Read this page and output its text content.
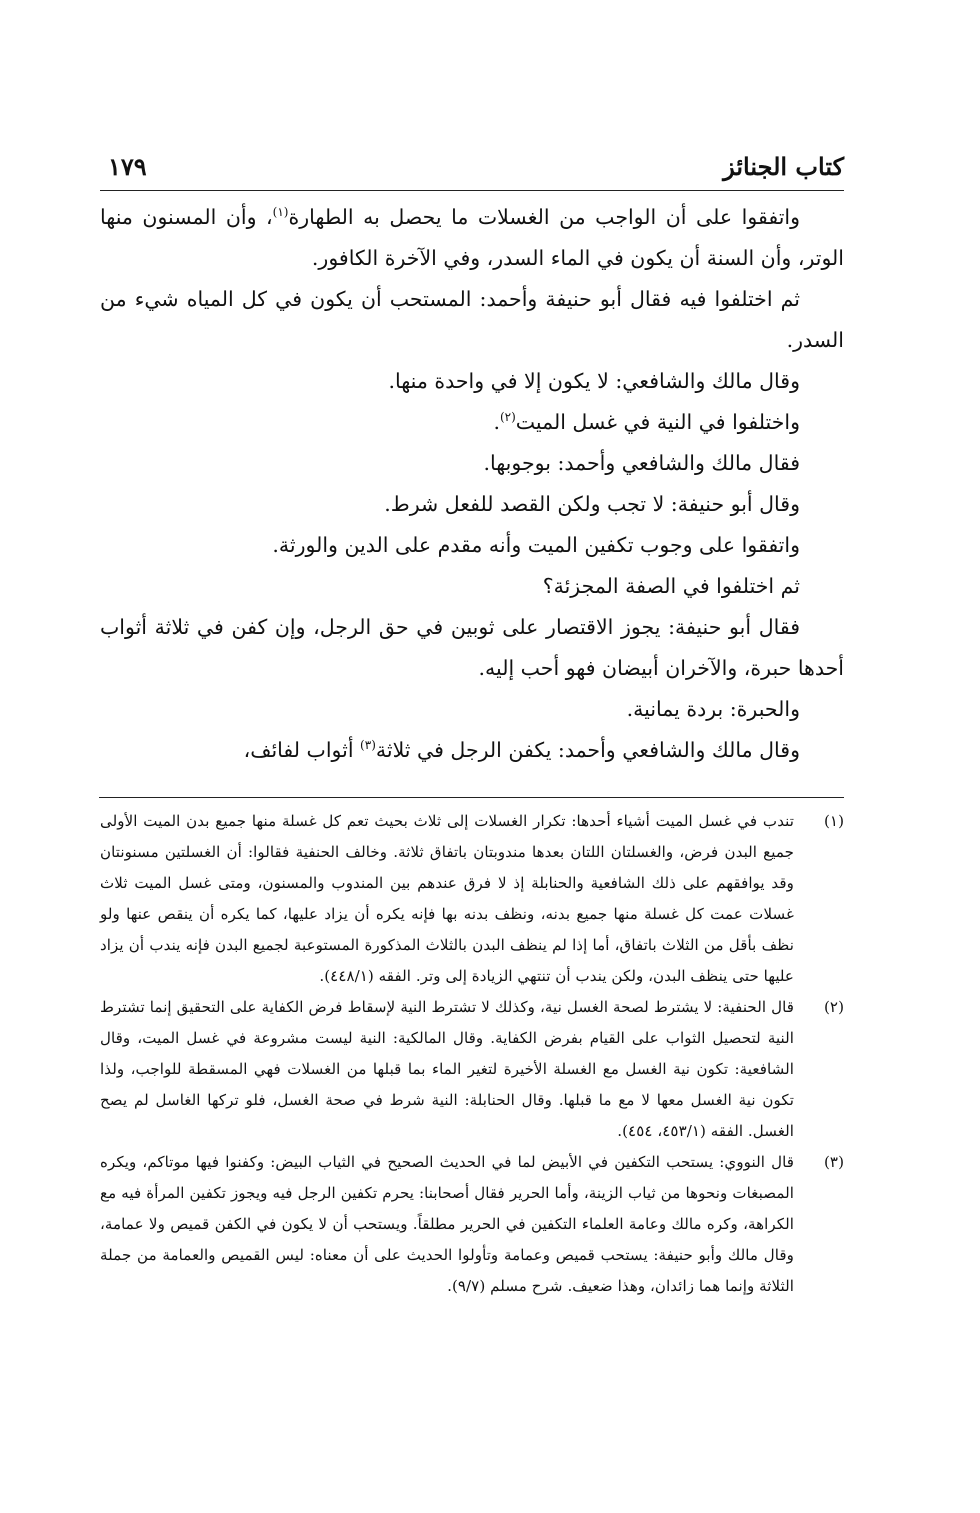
كتاب الجنائز
١٧٩

واتفقوا على أن الواجب من الغسلات ما يحصل به الطهارة$^{(١)}$، وأن المسنون منها الوتر، وأن السنة أن يكون في الماء السدر، وفي الآخرة الكافور.

ثم اختلفوا فيه فقال أبو حنيفة وأحمد: المستحب أن يكون في كل المياه شيء من السدر.

وقال مالك والشافعي: لا يكون إلا في واحدة منها.

واختلفوا في النية في غسل الميت$^{(٢)}$.

فقال مالك والشافعي وأحمد: بوجوبها.

وقال أبو حنيفة: لا تجب ولكن القصد للفعل شرط.

واتفقوا على وجوب تكفين الميت وأنه مقدم على الدين والورثة.

ثم اختلفوا في الصفة المجزئة؟

فقال أبو حنيفة: يجوز الاقتصار على ثوبين في حق الرجل، وإن كفن في ثلاثة أثواب أحدها حبرة، والآخران أبيضان فهو أحب إليه.

والحبرة: بردة يمانية.

وقال مالك والشافعي وأحمد: يكفن الرجل في ثلاثة$^{(٣)}$ أثواب لفائف،

(١)
تندب في غسل الميت أشياء أحدها: تكرار الغسلات إلى ثلاث بحيث تعم كل غسلة منها جميع بدن الميت الأولى جميع البدن فرض، والغسلتان اللتان بعدها مندوبتان باتفاق ثلاثة. وخالف الحنفية فقالوا: أن الغسلتين مسنونتان وقد يوافقهم على ذلك الشافعية والحنابلة إذ لا فرق عندهم بين المندوب والمسنون، ومتى غسل الميت ثلاث غسلات عمت كل غسلة منها جميع بدنه، ونظف بدنه بها فإنه يكره أن يزاد عليها، كما يكره أن ينقص عنها ولو نظف بأقل من الثلاث باتفاق، أما إذا لم ينظف البدن بالثلاث المذكورة المستوعبة لجميع البدن فإنه يندب أن يزاد عليها حتى ينظف البدن، ولكن يندب أن تنتهي الزيادة إلى وتر. الفقه (٤٤٨/١).
(٢)
قال الحنفية: لا يشترط لصحة الغسل نية، وكذلك لا تشترط النية لإسقاط فرض الكفاية على التحقيق إنما تشترط النية لتحصيل الثواب على القيام بفرض الكفاية. وقال المالكية: النية ليست مشروعة في غسل الميت، وقال الشافعية: تكون نية الغسل مع الغسلة الأخيرة لتغير الماء بما قبلها من الغسلات فهي المسقطة للواجب، ولذا تكون نية الغسل معها لا مع ما قبلها. وقال الحنابلة: النية شرط في صحة الغسل، فلو تركها الغاسل لم يصح الغسل. الفقه (٤٥٣/١، ٤٥٤).
(٣)
قال النووي: يستحب التكفين في الأبيض لما في الحديث الصحيح في الثياب البيض: وكفنوا فيها موتاكم، ويكره المصبغات ونحوها من ثياب الزينة، وأما الحرير فقال أصحابنا: يحرم تكفين الرجل فيه ويجوز تكفين المرأة فيه مع الكراهة، وكره مالك وعامة العلماء التكفين في الحرير مطلقاً. ويستحب أن لا يكون في الكفن قميص ولا عمامة، وقال مالك وأبو حنيفة: يستحب قميص وعمامة وتأولوا الحديث على أن معناه: ليس القميص والعمامة من جملة الثلاثة وإنما هما زائدان، وهذا ضعيف. شرح مسلم (٩/٧).
